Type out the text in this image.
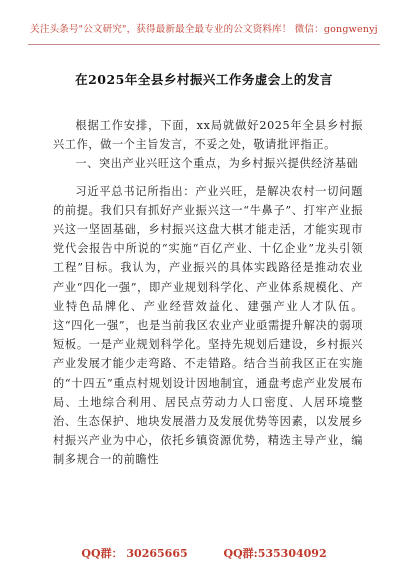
关注头条号"公文研究"，获得最新最全最专业的公文资料库！ 微信：gongwenyj
在2025年全县乡村振兴工作务虚会上的发言

根据工作安排，下面，xx局就做好2025年全县乡村振兴工作，做一个主旨发言，不妥之处，敬请批评指正。

一、突出产业兴旺这个重点，为乡村振兴提供经济基础

习近平总书记所指出：产业兴旺，是解决农村一切问题的前提。我们只有抓好产业振兴这一“牛鼻子”、打牢产业振兴这一坚固基础，乡村振兴这盘大棋才能走活，才能实现市党代会报告中所说的“实施“百亿产业、十亿企业”龙头引领工程”目标。我认为，产业振兴的具体实践路径是推动农业产业“四化一强”，即产业规划科学化、产业体系规模化、产业特色品牌化、产业经营效益化、建强产业人才队伍。这“四化一强”，也是当前我区农业产业亟需提升解决的弱项短板。一是产业规划科学化。坚持先规划后建设，乡村振兴产业发展才能少走弯路、不走错路。结合当前我区正在实施的“十四五”重点村规划设计因地制宜，通盘考虑产业发展布局、土地综合利用、居民点劳动力人口密度、人居环境整治、生态保护、地块发展潜力及发展优势等因素，以发展乡村振兴产业为中心，依托乡镇资源优势，精选主导产业，编制多规合一的前瞻性

QQ群： 30265665	QQ群:535304092
